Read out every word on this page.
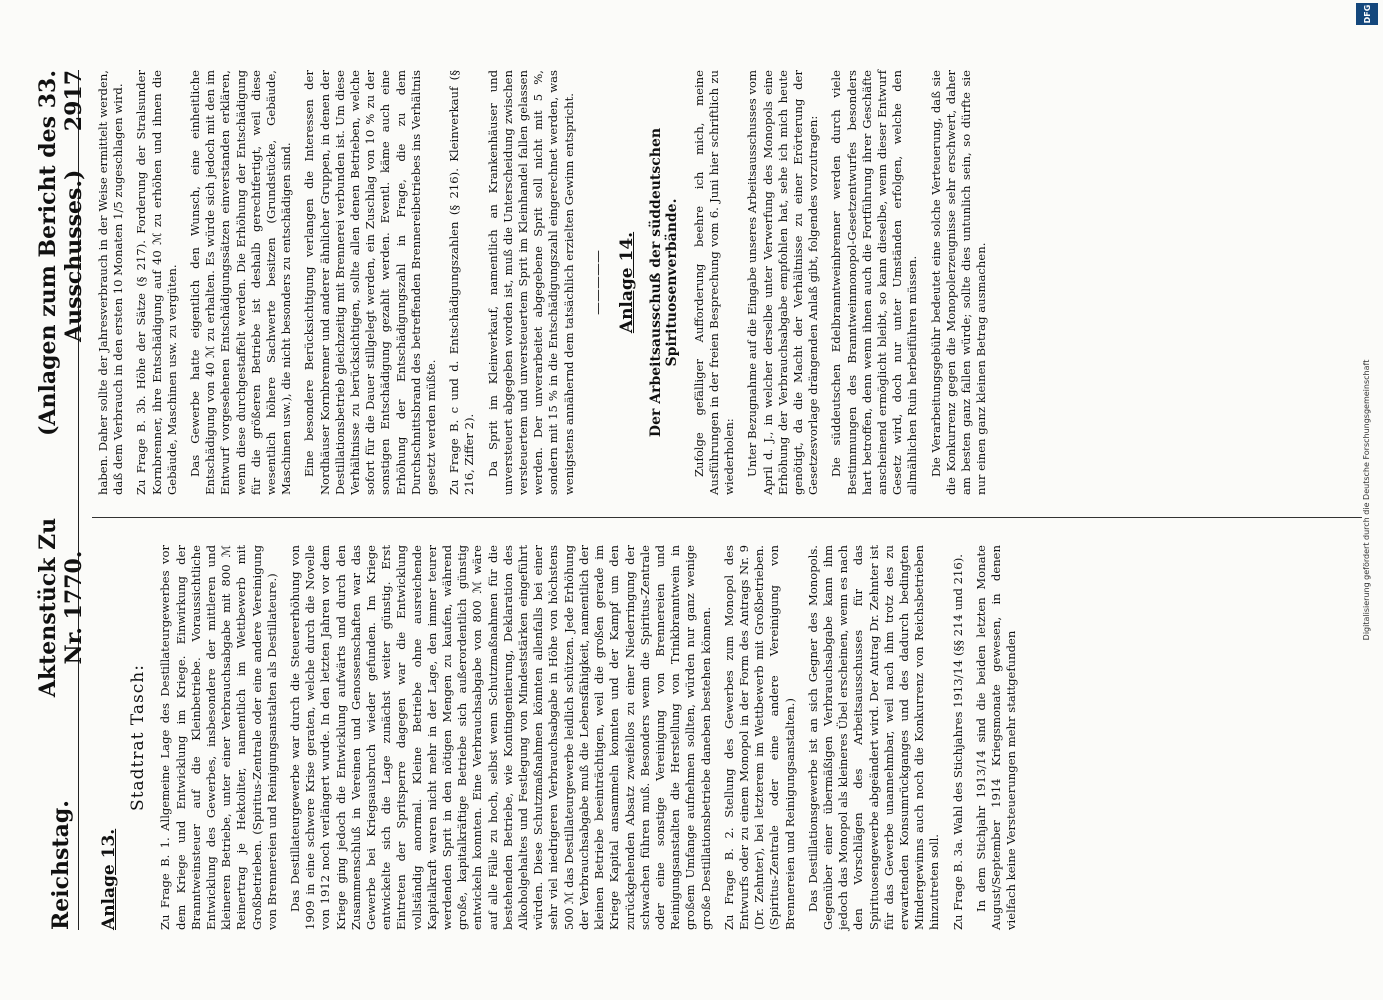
Reichstag.
Aktenstück Zu Nr. 1770.
(Anlagen zum Bericht des 33. Ausschusses.)     2917
Anlage 13.
Stadtrat Tasch: Zu Frage B. 1. Allgemeine Lage des Destillateurgewerbes vor dem Kriege und Entwicklung im Kriege. Einwirkung der Branntweinsteuer auf die Kleinbetriebe. Voraussichtliche Entwicklung des Gewerbes, insbesondere der mittleren und kleineren Betriebe, unter einer Verbrauchsabgabe mit 800 ℳ Reinertrag je Hektoliter, namentlich im Wettbewerb mit Großbetrieben. (Spiritus-Zentrale oder eine andere Vereinigung von Brennereien und Reinigungsanstalten als Destillateure.) Das Destillateurgewerbe war durch die Steuererhöhung von 1909 in eine schwere Krise geraten, welche durch die Novelle von 1912 noch verlängert wurde. In den letzten Jahren vor dem Kriege ging jedoch die Entwicklung aufwärts und durch den Zusammenschluß in Vereinen und Genossenschaften war das Gewerbe bei Kriegsausbruch wieder gefunden. Im Kriege entwickelte sich die Lage zunächst weiter günstig. Erst Eintreten der Spritsperre dagegen war die Entwicklung vollständig anormal. Kleine Betriebe ohne ausreichende Kapitalkraft waren nicht mehr in der Lage, den immer teurer werdenden Sprit in den nötigen Mengen zu kaufen, während große, kapitalkräftige Betriebe sich außerordentlich günstig entwickeln konnten. Eine Verbrauchsabgabe von 800 ℳ wäre auf alle Fälle zu hoch, selbst wenn Schutzmaßnahmen für die bestehenden Betriebe, wie Kontingentierung, Deklaration des Alkoholgehaltes und Festlegung von Mindeststärken eingeführt würden. Diese Schutzmaßnahmen könnten allenfalls bei einer sehr viel niedrigeren Verbrauchsabgabe in Höhe von höchstens 500 ℳ das Destillateurgewerbe leidlich schützen. Jede Erhöhung der Verbrauchsabgabe muß die Lebensfähigkeit, namentlich der kleinen Betriebe beeinträchtigen, weil die großen gerade im Kriege Kapital ansammeln konnten und der Kampf um den zurückgehenden Absatz zweifellos zu einer Niederringung der schwachen führen muß. Besonders wenn die Spiritus-Zentrale oder eine sonstige Vereinigung von Brennereien und Reinigungsanstalten die Herstellung von Trinkbranntwein in großem Umfange aufnehmen sollten, würden nur ganz wenige große Destillationsbetriebe daneben bestehen können. Zu Frage B. 2. Stellung des Gewerbes zum Monopol des Entwurfs oder zu einem Monopol in der Form des Antrags Nr. 9 (Dr. Zehnter), bei letzterem im Wettbewerb mit Großbetrieben. (Spiritus-Zentrale oder eine andere Vereinigung von Brennereien und Reinigungsanstalten.) Das Destillationsgewerbe ist an sich Gegner des Monopols. Gegenüber einer übermäßigen Verbrauchsabgabe kann ihm jedoch das Monopol als kleineres Übel erscheinen, wenn es nach den Vorschlägen des Arbeitsausschusses für das Spirituosengewerbe abgeändert wird. Der Antrag Dr. Zehnter ist für das Gewerbe unannehmbar, weil nach ihm trotz des zu erwartenden Konsumrückganges und des dadurch bedingten Mindergewinns auch noch die Konkurrenz von Reichsbetrieben hinzutreten soll. Zu Frage B. 3a. Wahl des Stichjahres 1913/14 (§§ 214 und 216). In dem Stichjahr 1913/14 sind die beiden letzten Monate August/September 1914 Kriegsmonate gewesen, in denen vielfach keine Versteuerungen mehr stattgefunden

haben. Daher sollte der Jahresverbrauch in der Weise ermittelt werden, daß dem Verbrauch in den ersten 10 Monaten 1/5 zugeschlagen wird. Zu Frage B. 3b. Höhe der Sätze (§ 217). Forderung der Stralsunder Kornbrenner, ihre Entschädigung auf 40 ℳ zu erhöhen und ihnen die Gebäude, Maschinen usw. zu vergüten. Das Gewerbe hatte eigentlich den Wunsch, eine einheitliche Entschädigung von 40 ℳ zu erhalten. Es würde sich jedoch mit den im Entwurf vorgesehenen Entschädigungssätzen einverstanden erklären, wenn diese durchgestaffelt werden. Die Erhöhung der Entschädigung für die größeren Betriebe ist deshalb gerechtfertigt, weil diese wesentlich höhere Sachwerte besitzen (Grundstücke, Gebäude, Maschinen usw.), die nicht besonders zu entschädigen sind. Eine besondere Berücksichtigung verlangen die Interessen der Nordhäuser Kornbrenner und anderer ähnlicher Gruppen, in denen der Destillationsbetrieb gleichzeitig mit Brennerei verbunden ist. Um diese Verhältnisse zu berücksichtigen, sollte allen denen Betrieben, welche sofort für die Dauer stillgelegt werden, ein Zuschlag von 10 % zu der sonstigen Entschädigung gezahlt werden. Eventl. käme auch eine Erhöhung der Entschädigungszahl in Frage, die zu dem Durchschnittsbrand des betreffenden Brennereibetriebes ins Verhältnis gesetzt werden müßte. Zu Frage B. c und d. Entschädigungszahlen (§ 216). Kleinverkauf (§ 216, Ziffer 2). Da Sprit im Kleinverkauf, namentlich an Krankenhäuser und unversteuert abgegeben worden ist, muß die Unterscheidung zwischen versteuertem und unversteuertem Sprit im Kleinhandel fallen gelassen werden. Der unverarbeitet abgegebene Sprit soll nicht mit 5 %, sondern mit 15 % in die Entschädigungszahl eingerechnet werden, was wenigstens annähernd dem tatsächlich erzielten Gewinn entspricht. ————— Anlage 14. Der Arbeitsausschuß der süddeutschen Spirituosenverbände. Zufolge gefälliger Aufforderung beehre ich mich, meine Ausführungen in der freien Besprechung vom 6. Juni hier schriftlich zu wiederholen: Unter Bezugnahme auf die Eingabe unseres Arbeitsausschusses vom April d. J., in welcher derselbe unter Verwerfung des Monopols eine Erhöhung der Verbrauchsabgabe empfohlen hat, sehe ich mich heute genötigt, da die Macht der Verhältnisse zu einer Erörterung der Gesetzesvorlage drängenden Anlaß gibt, folgendes vorzutragen: Die süddeutschen Edelbranntweinbrenner werden durch viele Bestimmungen des Branntweinmonopol-Gesetzentwurfes besonders hart betroffen, denn wenn ihnen auch die Fortführung ihrer Geschäfte anscheinend ermöglicht bleibt, so kann dieselbe, wenn dieser Entwurf Gesetz wird, doch nur unter Umständen erfolgen, welche den allmählichen Ruin herbeiführen müssen. Die Verarbeitungsgebühr bedeutet eine solche Verteuerung, daß sie die Konkurrenz gegen die Monopolerzeugnisse sehr erschwert, daher am besten ganz fallen würde; sollte dies untunlich sein, so dürfte sie nur einen ganz kleinen Betrag ausmachen.	Digitalisierung gefördert durch die Deutsche Forschungsgemeinschaft
DFG
